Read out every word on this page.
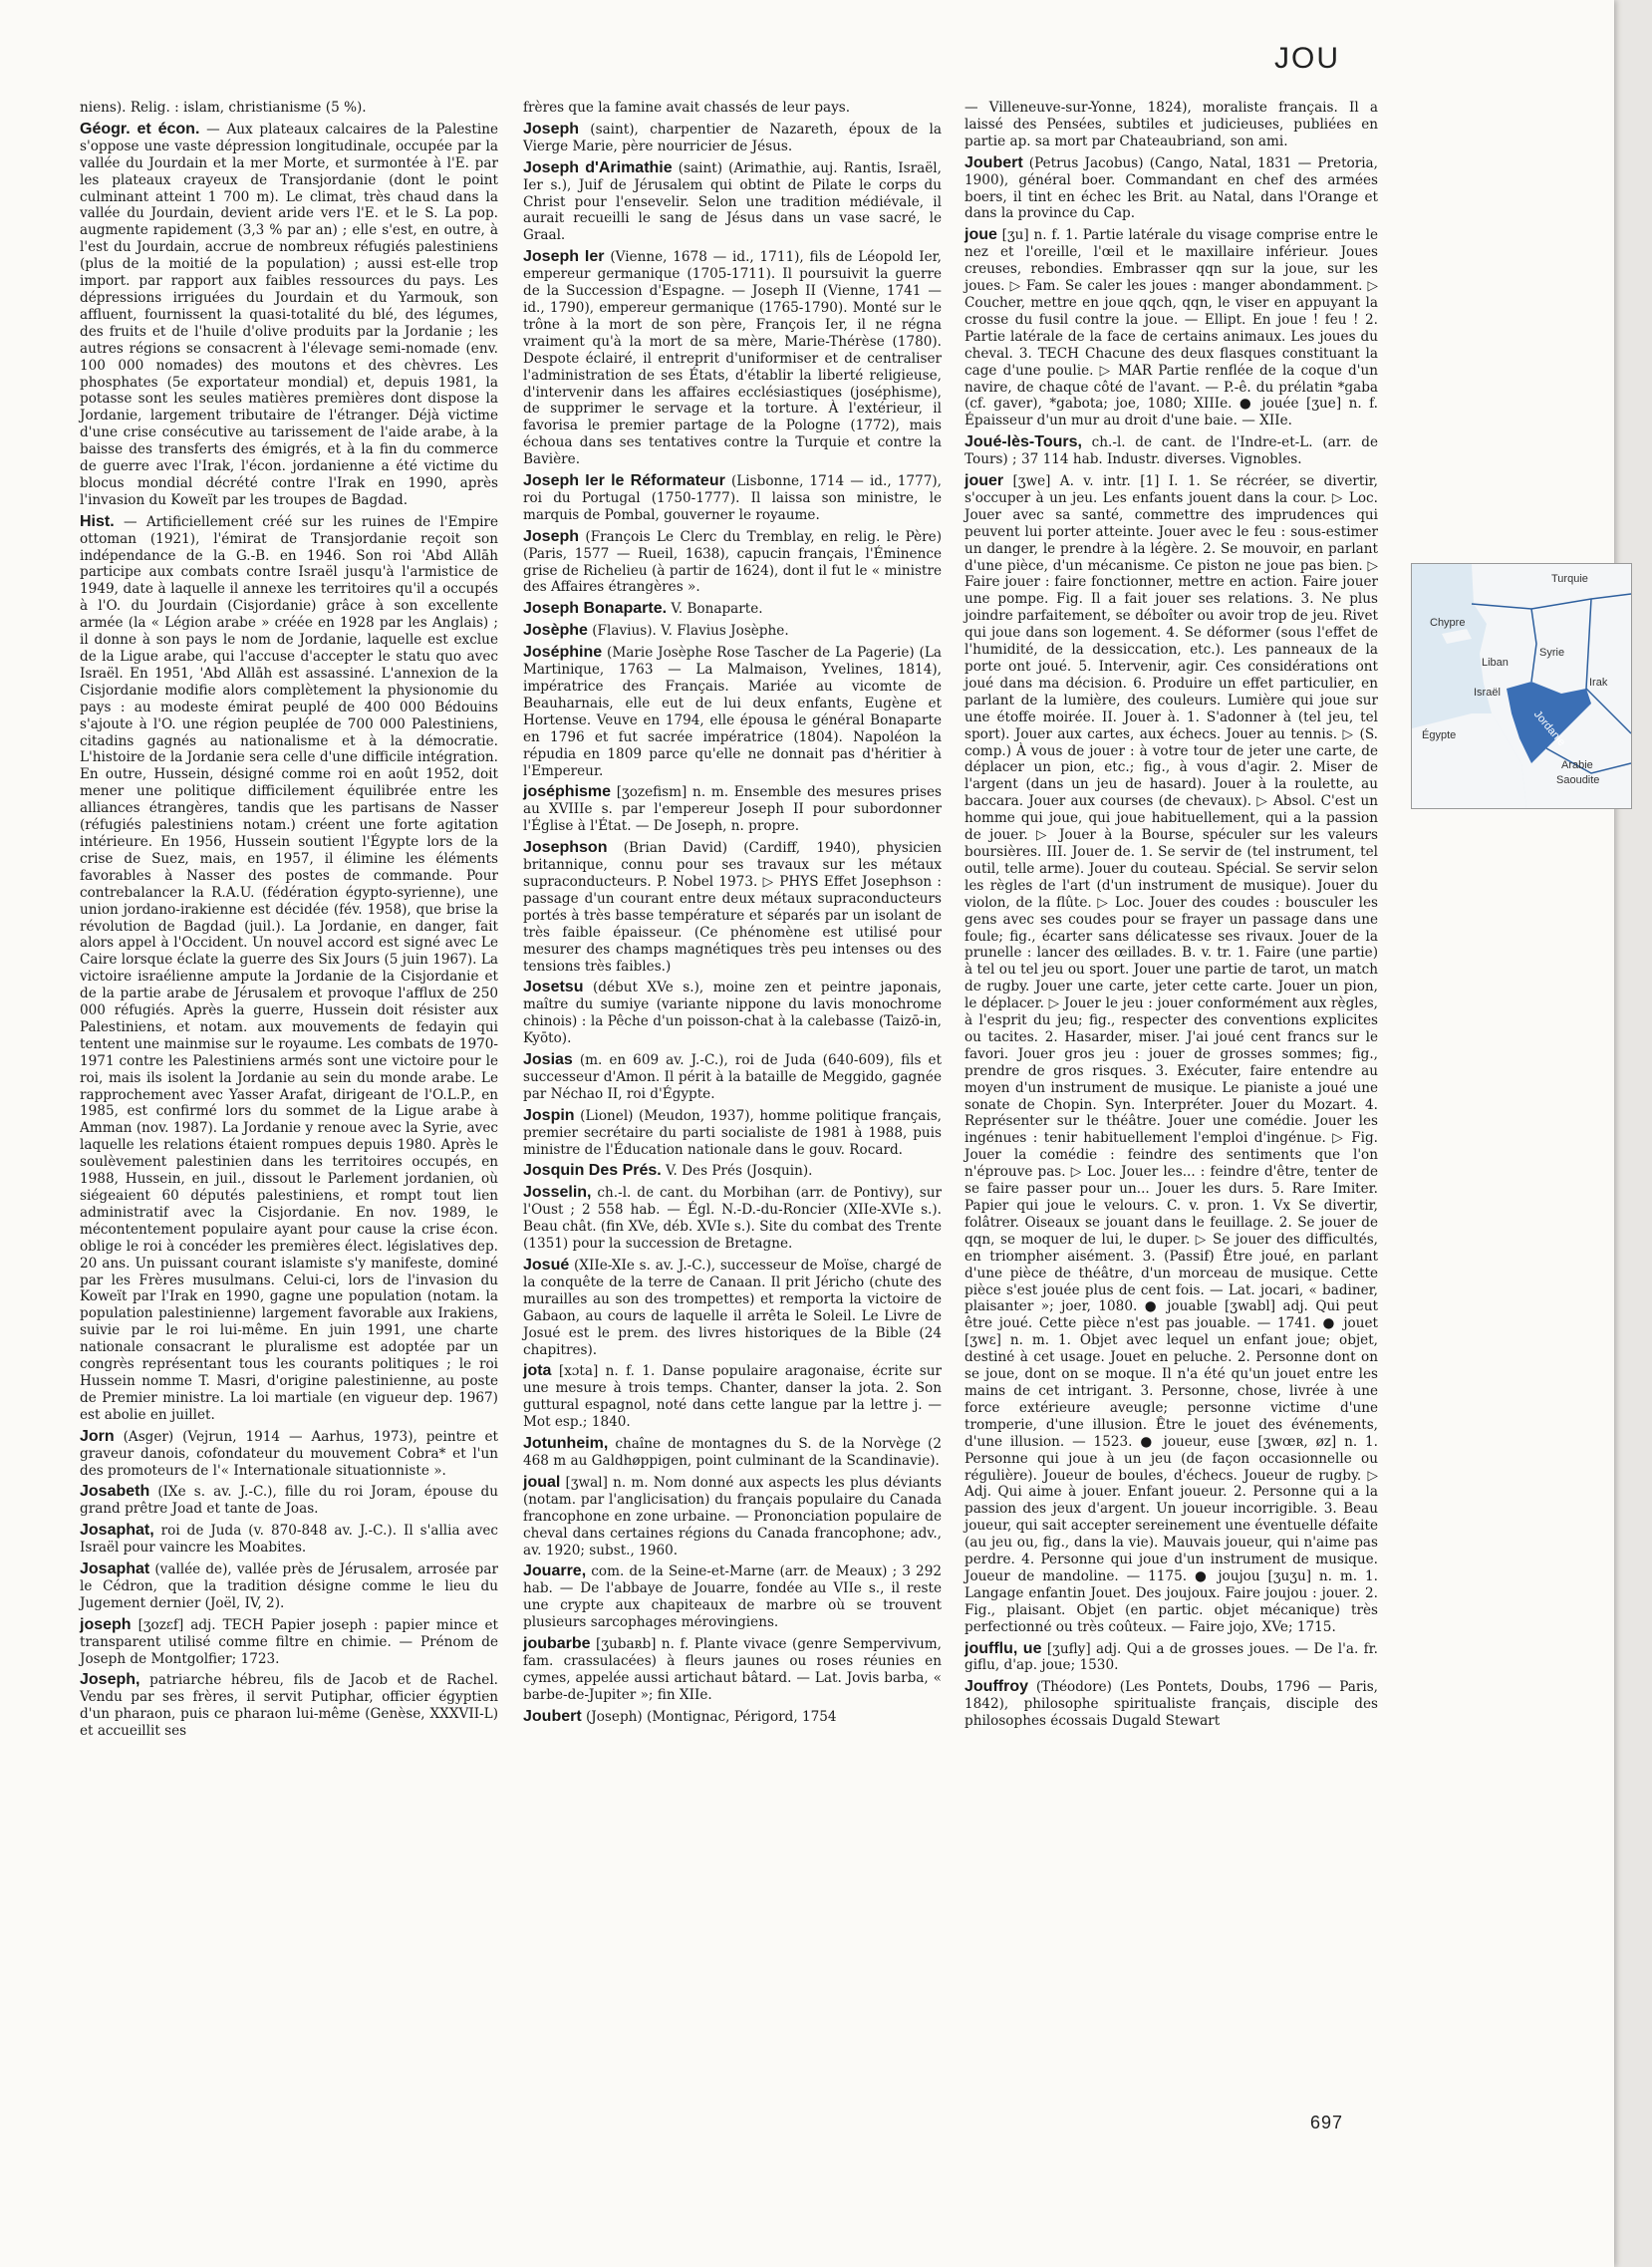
JOU
niens). Relig. : islam, christianisme (5 %).
Géogr. et écon. — Aux plateaux calcaires de la Palestine s'oppose une vaste dépression longitudinale, occupée par la vallée du Jourdain et la mer Morte, et surmontée à l'E. par les plateaux crayeux de Transjordanie (dont le point culminant atteint 1 700 m). Le climat, très chaud dans la vallée du Jourdain, devient aride vers l'E. et le S. La pop. augmente rapidement (3,3 % par an) ; elle s'est, en outre, à l'est du Jourdain, accrue de nombreux réfugiés palestiniens (plus de la moitié de la population) ; aussi est-elle trop import. par rapport aux faibles ressources du pays. Les dépressions irriguées du Jourdain et du Yarmouk, son affluent, fournissent la quasi-totalité du blé, des légumes, des fruits et de l'huile d'olive produits par la Jordanie ; les autres régions se consacrent à l'élevage semi-nomade (env. 100 000 nomades) des moutons et des chèvres. Les phosphates (5e exportateur mondial) et, depuis 1981, la potasse sont les seules matières premières dont dispose la Jordanie, largement tributaire de l'étranger. Déjà victime d'une crise consécutive au tarissement de l'aide arabe, à la baisse des transferts des émigrés, et à la fin du commerce de guerre avec l'Irak, l'écon. jordanienne a été victime du blocus mondial décrété contre l'Irak en 1990, après l'invasion du Koweït par les troupes de Bagdad.
Hist. — Artificiellement créé sur les ruines de l'Empire ottoman (1921), l'émirat de Transjordanie reçoit son indépendance de la G.-B. en 1946. Son roi 'Abd Allāh participe aux combats contre Israël jusqu'à l'armistice de 1949, date à laquelle il annexe les territoires qu'il a occupés à l'O. du Jourdain (Cisjordanie) grâce à son excellente armée (la « Légion arabe » créée en 1928 par les Anglais) ; il donne à son pays le nom de Jordanie, laquelle est exclue de la Ligue arabe, qui l'accuse d'accepter le statu quo avec Israël. En 1951, 'Abd Allāh est assassiné. L'annexion de la Cisjordanie modifie alors complètement la physionomie du pays : au modeste émirat peuplé de 400 000 Bédouins s'ajoute à l'O. une région peuplée de 700 000 Palestiniens, citadins gagnés au nationalisme et à la démocratie. L'histoire de la Jordanie sera celle d'une difficile intégration. En outre, Hussein, désigné comme roi en août 1952, doit mener une politique difficilement équilibrée entre les alliances étrangères, tandis que les partisans de Nasser (réfugiés palestiniens notam.) créent une forte agitation intérieure. En 1956, Hussein soutient l'Égypte lors de la crise de Suez, mais, en 1957, il élimine les éléments favorables à Nasser des postes de commande. Pour contrebalancer la R.A.U. (fédération égypto-syrienne), une union jordano-irakienne est décidée (fév. 1958), que brise la révolution de Bagdad (juil.). La Jordanie, en danger, fait alors appel à l'Occident. Un nouvel accord est signé avec Le Caire lorsque éclate la guerre des Six Jours (5 juin 1967). La victoire israélienne ampute la Jordanie de la Cisjordanie et de la partie arabe de Jérusalem et provoque l'afflux de 250 000 réfugiés. Après la guerre, Hussein doit résister aux Palestiniens, et notam. aux mouvements de fedayin qui tentent une mainmise sur le royaume. Les combats de 1970-1971 contre les Palestiniens armés sont une victoire pour le roi, mais ils isolent la Jordanie au sein du monde arabe. Le rapprochement avec Yasser Arafat, dirigeant de l'O.L.P., en 1985, est confirmé lors du sommet de la Ligue arabe à Amman (nov. 1987). La Jordanie y renoue avec la Syrie, avec laquelle les relations étaient rompues depuis 1980. Après le soulèvement palestinien dans les territoires occupés, en 1988, Hussein, en juil., dissout le Parlement jordanien, où siégeaient 60 députés palestiniens, et rompt tout lien administratif avec la Cisjordanie. En nov. 1989, le mécontentement populaire ayant pour cause la crise écon. oblige le roi à concéder les premières élect. législatives dep. 20 ans. Un puissant courant islamiste s'y manifeste, dominé par les Frères musulmans. Celui-ci, lors de l'invasion du Koweït par l'Irak en 1990, gagne une population (notam. la population palestinienne) largement favorable aux Irakiens, suivie par le roi lui-même. En juin 1991, une charte nationale consacrant le pluralisme est adoptée par un congrès représentant tous les courants politiques ; le roi Hussein nomme T. Masri, d'origine palestinienne, au poste de Premier ministre. La loi martiale (en vigueur dep. 1967) est abolie en juillet.
Jorn (Asger) (Vejrun, 1914 — Aarhus, 1973), peintre et graveur danois, cofondateur du mouvement Cobra* et l'un des promoteurs de l'« Internationale situationniste ».
Josabeth (IXe s. av. J.-C.), fille du roi Joram, épouse du grand prêtre Joad et tante de Joas.
Josaphat, roi de Juda (v. 870-848 av. J.-C.). Il s'allia avec Israël pour vaincre les Moabites.
Josaphat (vallée de), vallée près de Jérusalem, arrosée par le Cédron, que la tradition désigne comme le lieu du Jugement dernier (Joël, IV, 2).
joseph [ʒozɛf] adj. TECH Papier joseph : papier mince et transparent utilisé comme filtre en chimie. — Prénom de Joseph de Montgolfier; 1723.
Joseph, patriarche hébreu, fils de Jacob et de Rachel. Vendu par ses frères, il servit Putiphar, officier égyptien d'un pharaon, puis ce pharaon lui-même (Genèse, XXXVII-L) et accueillit ses
frères que la famine avait chassés de leur pays.
Joseph (saint), charpentier de Nazareth, époux de la Vierge Marie, père nourricier de Jésus.
Joseph d'Arimathie (saint) (Arimathie, auj. Rantis, Israël, Ier s.), Juif de Jérusalem qui obtint de Pilate le corps du Christ pour l'ensevelir. Selon une tradition médiévale, il aurait recueilli le sang de Jésus dans un vase sacré, le Graal.
Joseph Ier (Vienne, 1678 — id., 1711), fils de Léopold Ier, empereur germanique (1705-1711). Il poursuivit la guerre de la Succession d'Espagne. — Joseph II (Vienne, 1741 — id., 1790), empereur germanique (1765-1790). Monté sur le trône à la mort de son père, François Ier, il ne régna vraiment qu'à la mort de sa mère, Marie-Thérèse (1780). Despote éclairé, il entreprit d'uniformiser et de centraliser l'administration de ses États, d'établir la liberté religieuse, d'intervenir dans les affaires ecclésiastiques (joséphisme), de supprimer le servage et la torture. À l'extérieur, il favorisa le premier partage de la Pologne (1772), mais échoua dans ses tentatives contre la Turquie et contre la Bavière.
Joseph Ier le Réformateur (Lisbonne, 1714 — id., 1777), roi du Portugal (1750-1777). Il laissa son ministre, le marquis de Pombal, gouverner le royaume.
Joseph (François Le Clerc du Tremblay, en relig. le Père) (Paris, 1577 — Rueil, 1638), capucin français, l'Éminence grise de Richelieu (à partir de 1624), dont il fut le « ministre des Affaires étrangères ».
Joseph Bonaparte. V. Bonaparte.
Josèphe (Flavius). V. Flavius Josèphe.
Joséphine (Marie Josèphe Rose Tascher de La Pagerie) (La Martinique, 1763 — La Malmaison, Yvelines, 1814), impératrice des Français. Mariée au vicomte de Beauharnais, elle eut de lui deux enfants, Eugène et Hortense. Veuve en 1794, elle épousa le général Bonaparte en 1796 et fut sacrée impératrice (1804). Napoléon la répudia en 1809 parce qu'elle ne donnait pas d'héritier à l'Empereur.
joséphisme [ʒozefism] n. m. Ensemble des mesures prises au XVIIIe s. par l'empereur Joseph II pour subordonner l'Église à l'État. — De Joseph, n. propre.
Josephson (Brian David) (Cardiff, 1940), physicien britannique, connu pour ses travaux sur les métaux supraconducteurs. P. Nobel 1973. ▷ PHYS Effet Josephson : passage d'un courant entre deux métaux supraconducteurs portés à très basse température et séparés par un isolant de très faible épaisseur. (Ce phénomène est utilisé pour mesurer des champs magnétiques très peu intenses ou des tensions très faibles.)
Josetsu (début XVe s.), moine zen et peintre japonais, maître du sumiye (variante nippone du lavis monochrome chinois) : la Pêche d'un poisson-chat à la calebasse (Taizō-in, Kyōto).
Josias (m. en 609 av. J.-C.), roi de Juda (640-609), fils et successeur d'Amon. Il périt à la bataille de Meggido, gagnée par Néchao II, roi d'Égypte.
Jospin (Lionel) (Meudon, 1937), homme politique français, premier secrétaire du parti socialiste de 1981 à 1988, puis ministre de l'Éducation nationale dans le gouv. Rocard.
Josquin Des Prés. V. Des Prés (Josquin).
Josselin, ch.-l. de cant. du Morbihan (arr. de Pontivy), sur l'Oust ; 2 558 hab. — Égl. N.-D.-du-Roncier (XIIe-XVIe s.). Beau chât. (fin XVe, déb. XVIe s.). Site du combat des Trente (1351) pour la succession de Bretagne.
Josué (XIIe-XIe s. av. J.-C.), successeur de Moïse, chargé de la conquête de la terre de Canaan. Il prit Jéricho (chute des murailles au son des trompettes) et remporta la victoire de Gabaon, au cours de laquelle il arrêta le Soleil. Le Livre de Josué est le prem. des livres historiques de la Bible (24 chapitres).
jota [xɔta] n. f. 1. Danse populaire aragonaise, écrite sur une mesure à trois temps. Chanter, danser la jota. 2. Son guttural espagnol, noté dans cette langue par la lettre j. — Mot esp.; 1840.
Jotunheim, chaîne de montagnes du S. de la Norvège (2 468 m au Galdhøppigen, point culminant de la Scandinavie).
joual [ʒwal] n. m. Nom donné aux aspects les plus déviants (notam. par l'anglicisation) du français populaire du Canada francophone en zone urbaine. — Prononciation populaire de cheval dans certaines régions du Canada francophone; adv., av. 1920; subst., 1960.
Jouarre, com. de la Seine-et-Marne (arr. de Meaux) ; 3 292 hab. — De l'abbaye de Jouarre, fondée au VIIe s., il reste une crypte aux chapiteaux de marbre où se trouvent plusieurs sarcophages mérovingiens.
joubarbe [ʒubaʀb] n. f. Plante vivace (genre Sempervivum, fam. crassulacées) à fleurs jaunes ou roses réunies en cymes, appelée aussi artichaut bâtard. — Lat. Jovis barba, « barbe-de-Jupiter »; fin XIIe.
Joubert (Joseph) (Montignac, Périgord, 1754
— Villeneuve-sur-Yonne, 1824), moraliste français. Il a laissé des Pensées, subtiles et judicieuses, publiées en partie ap. sa mort par Chateaubriand, son ami.
Joubert (Petrus Jacobus) (Cango, Natal, 1831 — Pretoria, 1900), général boer. Commandant en chef des armées boers, il tint en échec les Brit. au Natal, dans l'Orange et dans la province du Cap.
joue [ʒu] n. f. 1. Partie latérale du visage comprise entre le nez et l'oreille, l'œil et le maxillaire inférieur. Joues creuses, rebondies. Embrasser qqn sur la joue, sur les joues. ▷ Fam. Se caler les joues : manger abondamment. ▷ Coucher, mettre en joue qqch, qqn, le viser en appuyant la crosse du fusil contre la joue. — Ellipt. En joue ! feu ! 2. Partie latérale de la face de certains animaux. Les joues du cheval. 3. TECH Chacune des deux flasques constituant la cage d'une poulie. ▷ MAR Partie renflée de la coque d'un navire, de chaque côté de l'avant. — P.-ê. du prélatin *gaba (cf. gaver), *gabota; joe, 1080; XIIIe. ● jouée [ʒue] n. f. Épaisseur d'un mur au droit d'une baie. — XIIe.
Joué-lès-Tours, ch.-l. de cant. de l'Indre-et-L. (arr. de Tours) ; 37 114 hab. Industr. diverses. Vignobles.
jouer [ʒwe] A. v. intr. [1] I. 1. Se récréer, se divertir, s'occuper à un jeu. Les enfants jouent dans la cour. ▷ Loc. Jouer avec sa santé, commettre des imprudences qui peuvent lui porter atteinte. Jouer avec le feu : sous-estimer un danger, le prendre à la légère. 2. Se mouvoir, en parlant d'une pièce, d'un mécanisme. Ce piston ne joue pas bien. ▷ Faire jouer : faire fonctionner, mettre en action. Faire jouer une pompe. Fig. Il a fait jouer ses relations. 3. Ne plus joindre parfaitement, se déboîter ou avoir trop de jeu. Rivet qui joue dans son logement. 4. Se déformer (sous l'effet de l'humidité, de la dessiccation, etc.). Les panneaux de la porte ont joué. 5. Intervenir, agir. Ces considérations ont joué dans ma décision. 6. Produire un effet particulier, en parlant de la lumière, des couleurs. Lumière qui joue sur une étoffe moirée. II. Jouer à. 1. S'adonner à (tel jeu, tel sport). Jouer aux cartes, aux échecs. Jouer au tennis. ▷ (S. comp.) À vous de jouer : à votre tour de jeter une carte, de déplacer un pion, etc.; fig., à vous d'agir. 2. Miser de l'argent (dans un jeu de hasard). Jouer à la roulette, au baccara. Jouer aux courses (de chevaux). ▷ Absol. C'est un homme qui joue, qui joue habituellement, qui a la passion de jouer. ▷ Jouer à la Bourse, spéculer sur les valeurs boursières. III. Jouer de. 1. Se servir de (tel instrument, tel outil, telle arme). Jouer du couteau. Spécial. Se servir selon les règles de l'art (d'un instrument de musique). Jouer du violon, de la flûte. ▷ Loc. Jouer des coudes : bousculer les gens avec ses coudes pour se frayer un passage dans une foule; fig., écarter sans délicatesse ses rivaux. Jouer de la prunelle : lancer des œillades. B. v. tr. 1. Faire (une partie) à tel ou tel jeu ou sport. Jouer une partie de tarot, un match de rugby. Jouer une carte, jeter cette carte. Jouer un pion, le déplacer. ▷ Jouer le jeu : jouer conformément aux règles, à l'esprit du jeu; fig., respecter des conventions explicites ou tacites. 2. Hasarder, miser. J'ai joué cent francs sur le favori. Jouer gros jeu : jouer de grosses sommes; fig., prendre de gros risques. 3. Exécuter, faire entendre au moyen d'un instrument de musique. Le pianiste a joué une sonate de Chopin. Syn. Interpréter. Jouer du Mozart. 4. Représenter sur le théâtre. Jouer une comédie. Jouer les ingénues : tenir habituellement l'emploi d'ingénue. ▷ Fig. Jouer la comédie : feindre des sentiments que l'on n'éprouve pas. ▷ Loc. Jouer les... : feindre d'être, tenter de se faire passer pour un... Jouer les durs. 5. Rare Imiter. Papier qui joue le velours. C. v. pron. 1. Vx Se divertir, folâtrer. Oiseaux se jouant dans le feuillage. 2. Se jouer de qqn, se moquer de lui, le duper. ▷ Se jouer des difficultés, en triompher aisément. 3. (Passif) Être joué, en parlant d'une pièce de théâtre, d'un morceau de musique. Cette pièce s'est jouée plus de cent fois. — Lat. jocari, « badiner, plaisanter »; joer, 1080. ● jouable [ʒwabl] adj. Qui peut être joué. Cette pièce n'est pas jouable. — 1741. ● jouet [ʒwɛ] n. m. 1. Objet avec lequel un enfant joue; objet, destiné à cet usage. Jouet en peluche. 2. Personne dont on se joue, dont on se moque. Il n'a été qu'un jouet entre les mains de cet intrigant. 3. Personne, chose, livrée à une force extérieure aveugle; personne victime d'une tromperie, d'une illusion. Être le jouet des événements, d'une illusion. — 1523. ● joueur, euse [ʒwœʀ, øz] n. 1. Personne qui joue à un jeu (de façon occasionnelle ou régulière). Joueur de boules, d'échecs. Joueur de rugby. ▷ Adj. Qui aime à jouer. Enfant joueur. 2. Personne qui a la passion des jeux d'argent. Un joueur incorrigible. 3. Beau joueur, qui sait accepter sereinement une éventuelle défaite (au jeu ou, fig., dans la vie). Mauvais joueur, qui n'aime pas perdre. 4. Personne qui joue d'un instrument de musique. Joueur de mandoline. — 1175. ● joujou [ʒuʒu] n. m. 1. Langage enfantin Jouet. Des joujoux. Faire joujou : jouer. 2. Fig., plaisant. Objet (en partic. objet mécanique) très perfectionné ou très coûteux. — Faire jojo, XVe; 1715.
joufflu, ue [ʒufly] adj. Qui a de grosses joues. — De l'a. fr. giflu, d'ap. joue; 1530.
Jouffroy (Théodore) (Les Pontets, Doubs, 1796 — Paris, 1842), philosophe spiritualiste français, disciple des philosophes écossais Dugald Stewart
Turquie
Chypre
Syrie
Liban
Israël
Irak
Jordanie
Égypte
Arabie
Saoudite
697
